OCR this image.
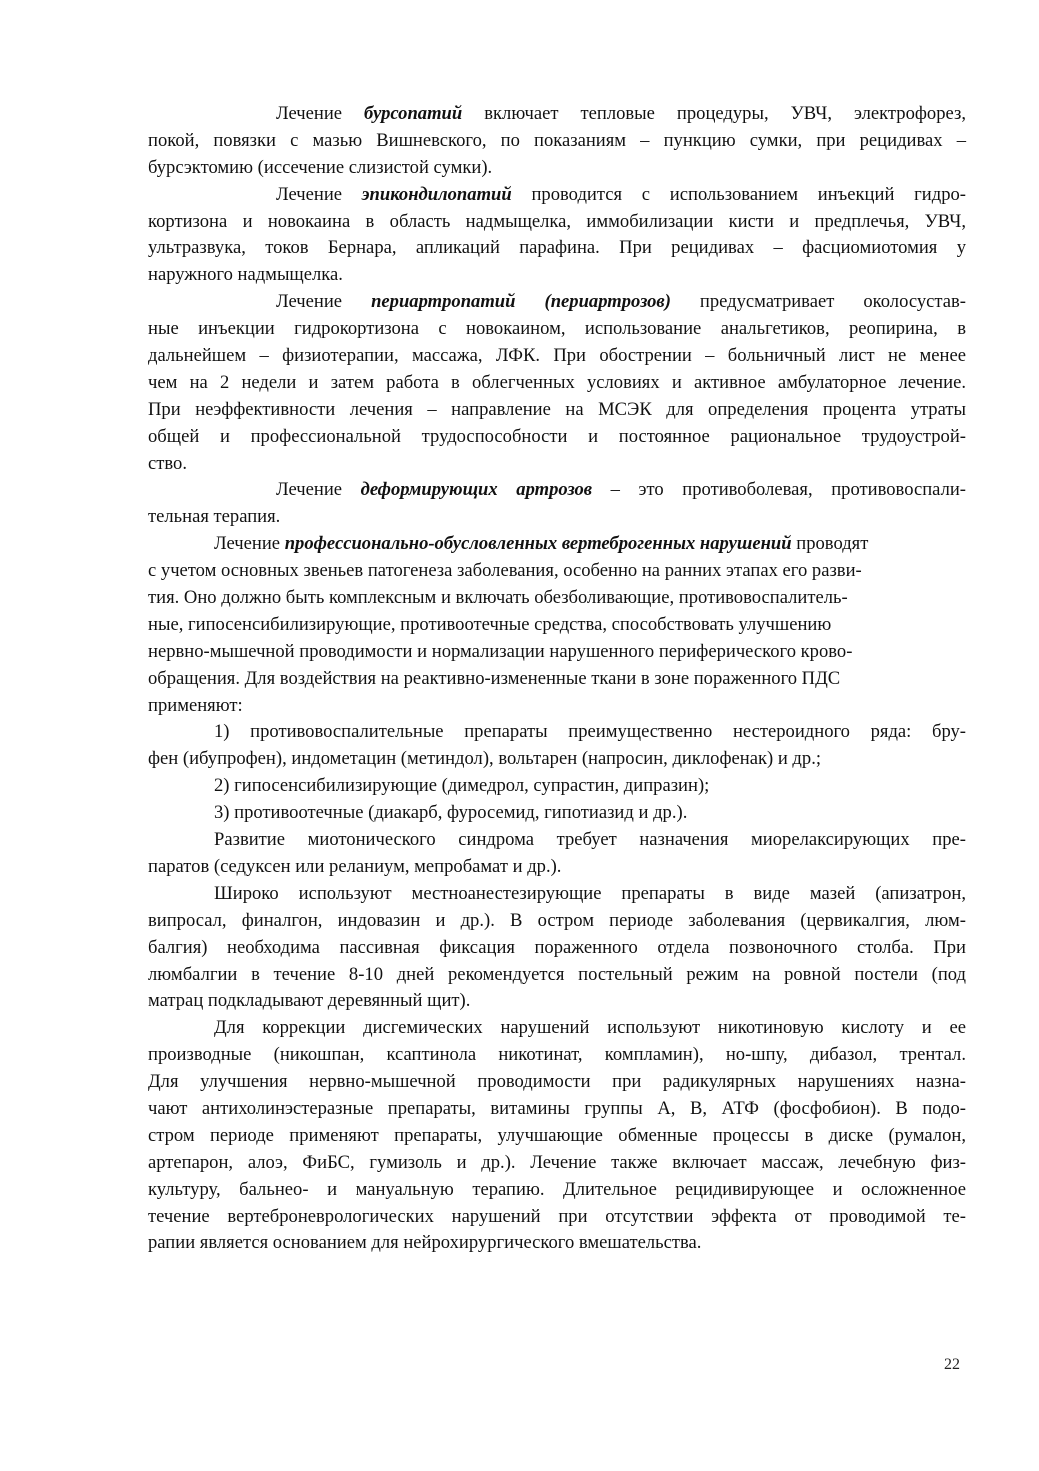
Лечение бурсопатий включает тепловые процедуры, УВЧ, электрофорез,
покой, повязки с мазью Вишневского, по показаниям – пункцию сумки, при рецидивах –
бурсэктомию (иссечение слизистой сумки).
Лечение эпикондилопатий проводится с использованием инъекций гидро-
кортизона и новокаина в область надмыщелка, иммобилизации кисти и предплечья, УВЧ,
ультразвука, токов Бернара, апликаций парафина. При рецидивах – фасциомиотомия у
наружного надмыщелка.
Лечение периартропатий (периартрозов) предусматривает околосустав-
ные инъекции гидрокортизона с новокаином, использование анальгетиков, реопирина, в
дальнейшем – физиотерапии, массажа, ЛФК. При обострении – больничный лист не менее
чем на 2 недели и затем работа в облегченных условиях и активное амбулаторное лечение.
При неэффективности лечения – направление на МСЭК для определения процента утраты
общей и профессиональной трудоспособности и постоянное рациональное трудоустрой-
ство.
Лечение деформирующих артрозов – это противоболевая, противовоспали-
тельная терапия.
Лечение профессионально-обусловленных вертеброгенных нарушений проводят
с учетом основных звеньев патогенеза заболевания, особенно на ранних этапах его разви-
тия. Оно должно быть комплексным и включать обезболивающие, противовоспалитель-
ные, гипосенсибилизирующие, противоотечные средства, способствовать улучшению
нервно-мышечной проводимости и нормализации нарушенного периферического крово-
обращения. Для воздействия на реактивно-измененные ткани в зоне пораженного ПДС
применяют:
1) противовоспалительные препараты преимущественно нестероидного ряда: бру-
фен (ибупрофен), индометацин (метиндол), вольтарен (напросин, диклофенак) и др.;
2) гипосенсибилизирующие (димедрол, супрастин, дипразин);
3) противоотечные (диакарб, фуросемид, гипотиазид и др.).
Развитие миотонического синдрома требует назначения миорелаксирующих пре-
паратов (седуксен или реланиум, мепробамат и др.).
Широко используют местноанестезирующие препараты в виде мазей (апизатрон,
випросал, финалгон, индовазин и др.). В остром периоде заболевания (цервикалгия, люм-
балгия) необходима пассивная фиксация пораженного отдела позвоночного столба. При
люмбалгии в течение 8-10 дней рекомендуется постельный режим на ровной постели (под
матрац подкладывают деревянный щит).
Для коррекции дисгемических нарушений используют никотиновую кислоту и ее
производные (никошпан, ксаптинола никотинат, компламин), но-шпу, дибазол, трентал.
Для улучшения нервно-мышечной проводимости при радикулярных нарушениях назна-
чают антихолинэстеразные препараты, витамины группы А, В, АТФ (фосфобион). В подо-
стром периоде применяют препараты, улучшающие обменные процессы в диске (румалон,
артепарон, алоэ, ФиБС, гумизоль и др.). Лечение также включает массаж, лечебную физ-
культуру, бальнео- и мануальную терапию. Длительное рецидивирующее и осложненное
течение вертеброневрологических нарушений при отсутствии эффекта от проводимой те-
рапии является основанием для нейрохирургического вмешательства.
22
